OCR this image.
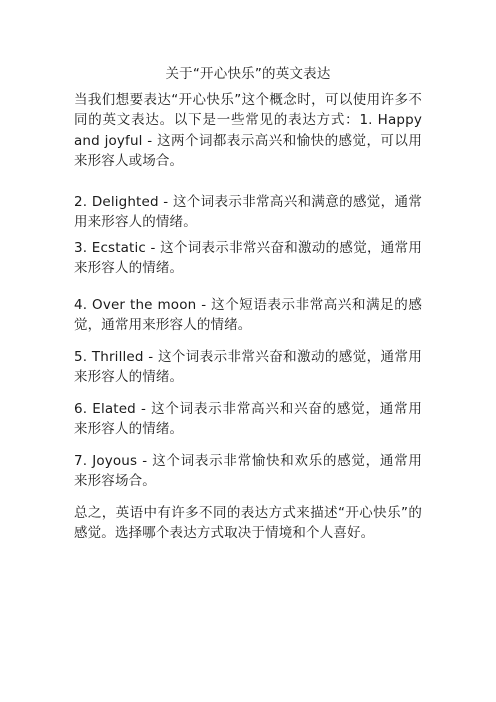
关于“开心快乐”的英文表达

当我们想要表达“开心快乐”这个概念时，可以使用许多不同的英文表达。以下是一些常见的表达方式：1. Happy and joyful - 这两个词都表示高兴和愉快的感觉，可以用来形容人或场合。

2. Delighted - 这个词表示非常高兴和满意的感觉，通常用来形容人的情绪。

3. Ecstatic - 这个词表示非常兴奋和激动的感觉，通常用来形容人的情绪。

4. Over the moon - 这个短语表示非常高兴和满足的感觉，通常用来形容人的情绪。

5. Thrilled - 这个词表示非常兴奋和激动的感觉，通常用来形容人的情绪。

6. Elated - 这个词表示非常高兴和兴奋的感觉，通常用来形容人的情绪。

7. Joyous - 这个词表示非常愉快和欢乐的感觉，通常用来形容场合。

总之，英语中有许多不同的表达方式来描述“开心快乐”的感觉。选择哪个表达方式取决于情境和个人喜好。
